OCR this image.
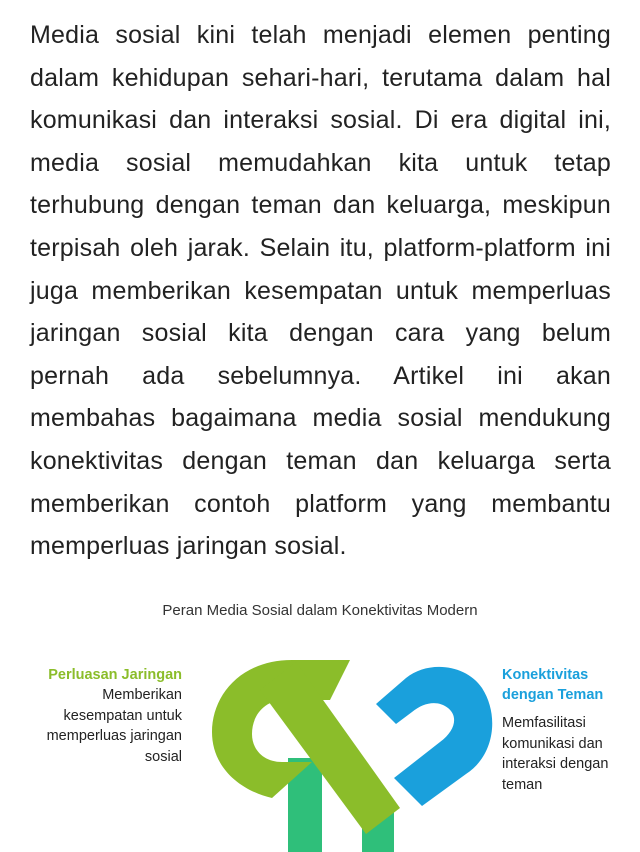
Media sosial kini telah menjadi elemen penting dalam kehidupan sehari-hari, terutama dalam hal komunikasi dan interaksi sosial. Di era digital ini, media sosial memudahkan kita untuk tetap terhubung dengan teman dan keluarga, meskipun terpisah oleh jarak. Selain itu, platform-platform ini juga memberikan kesempatan untuk memperluas jaringan sosial kita dengan cara yang belum pernah ada sebelumnya. Artikel ini akan membahas bagaimana media sosial mendukung konektivitas dengan teman dan keluarga serta memberikan contoh platform yang membantu memperluas jaringan sosial.
Peran Media Sosial dalam Konektivitas Modern
Perluasan Jaringan
Memberikan kesempatan untuk memperluas jaringan sosial
Konektivitas dengan Teman
Memfasilitasi komunikasi dan interaksi dengan teman
